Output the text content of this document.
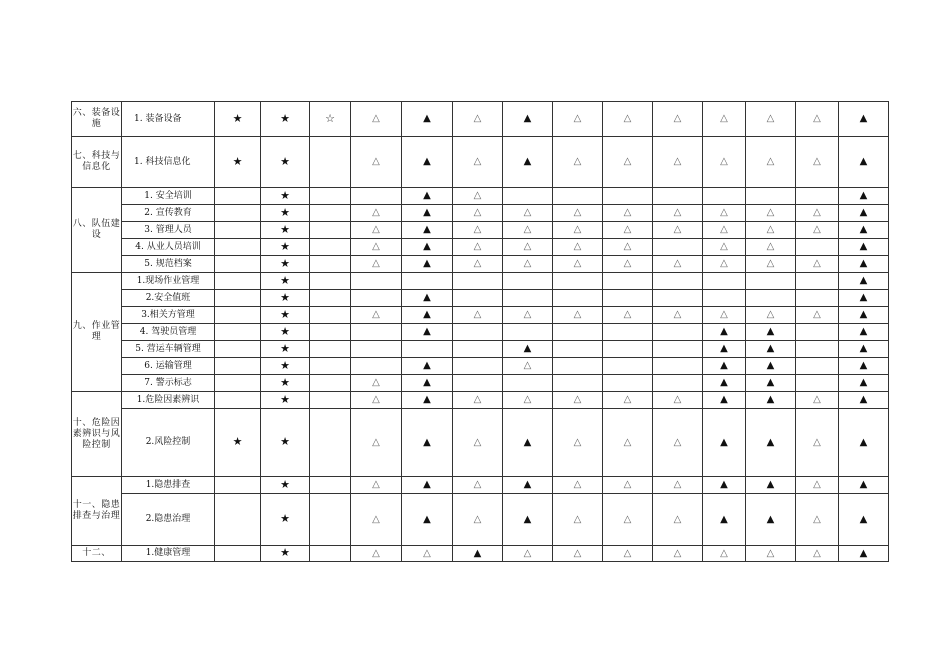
六、装备设施	1. 装备设备	★	★	☆	△	▲	△	▲	△	△	△	△	△	△	▲
七、科技与信息化	1. 科技信息化	★	★		△	▲	△	▲	△	△	△	△	△	△	▲
八、队伍建设	1. 安全培训		★			▲	△								▲
	2. 宣传教育		★		△	▲	△	△	△	△	△	△	△	△	▲
	3. 管理人员		★		△	▲	△	△	△	△	△	△	△	△	▲
	4. 从业人员培训		★		△	▲	△	△	△	△		△	△		▲
	5. 规范档案		★		△	▲	△	△	△	△	△	△	△	△	▲
九、作业管理	1.现场作业管理		★												▲
	2.安全值班		★			▲									▲
	3.相关方管理		★		△	▲	△	△	△	△	△	△	△	△	▲
	4. 驾驶员管理		★			▲						▲	▲		▲
	5. 营运车辆管理		★					▲				▲	▲		▲
	6. 运输管理		★			▲		△				▲	▲		▲
	7. 警示标志		★		△	▲						▲	▲		▲
十、危险因素辨识与风险控制	1.危险因素辨识		★		△	▲	△	△	△	△	△	▲	▲	△	▲
	2.风险控制	★	★		△	▲	△	▲	△	△	△	▲	▲	△	▲
十一、隐患排查与治理	1.隐患排查		★		△	▲	△	▲	△	△	△	▲	▲	△	▲
	2.隐患治理		★		△	▲	△	▲	△	△	△	▲	▲	△	▲
十二、	1.健康管理		★		△	△	▲	△	△	△	△	△	△	△	▲
